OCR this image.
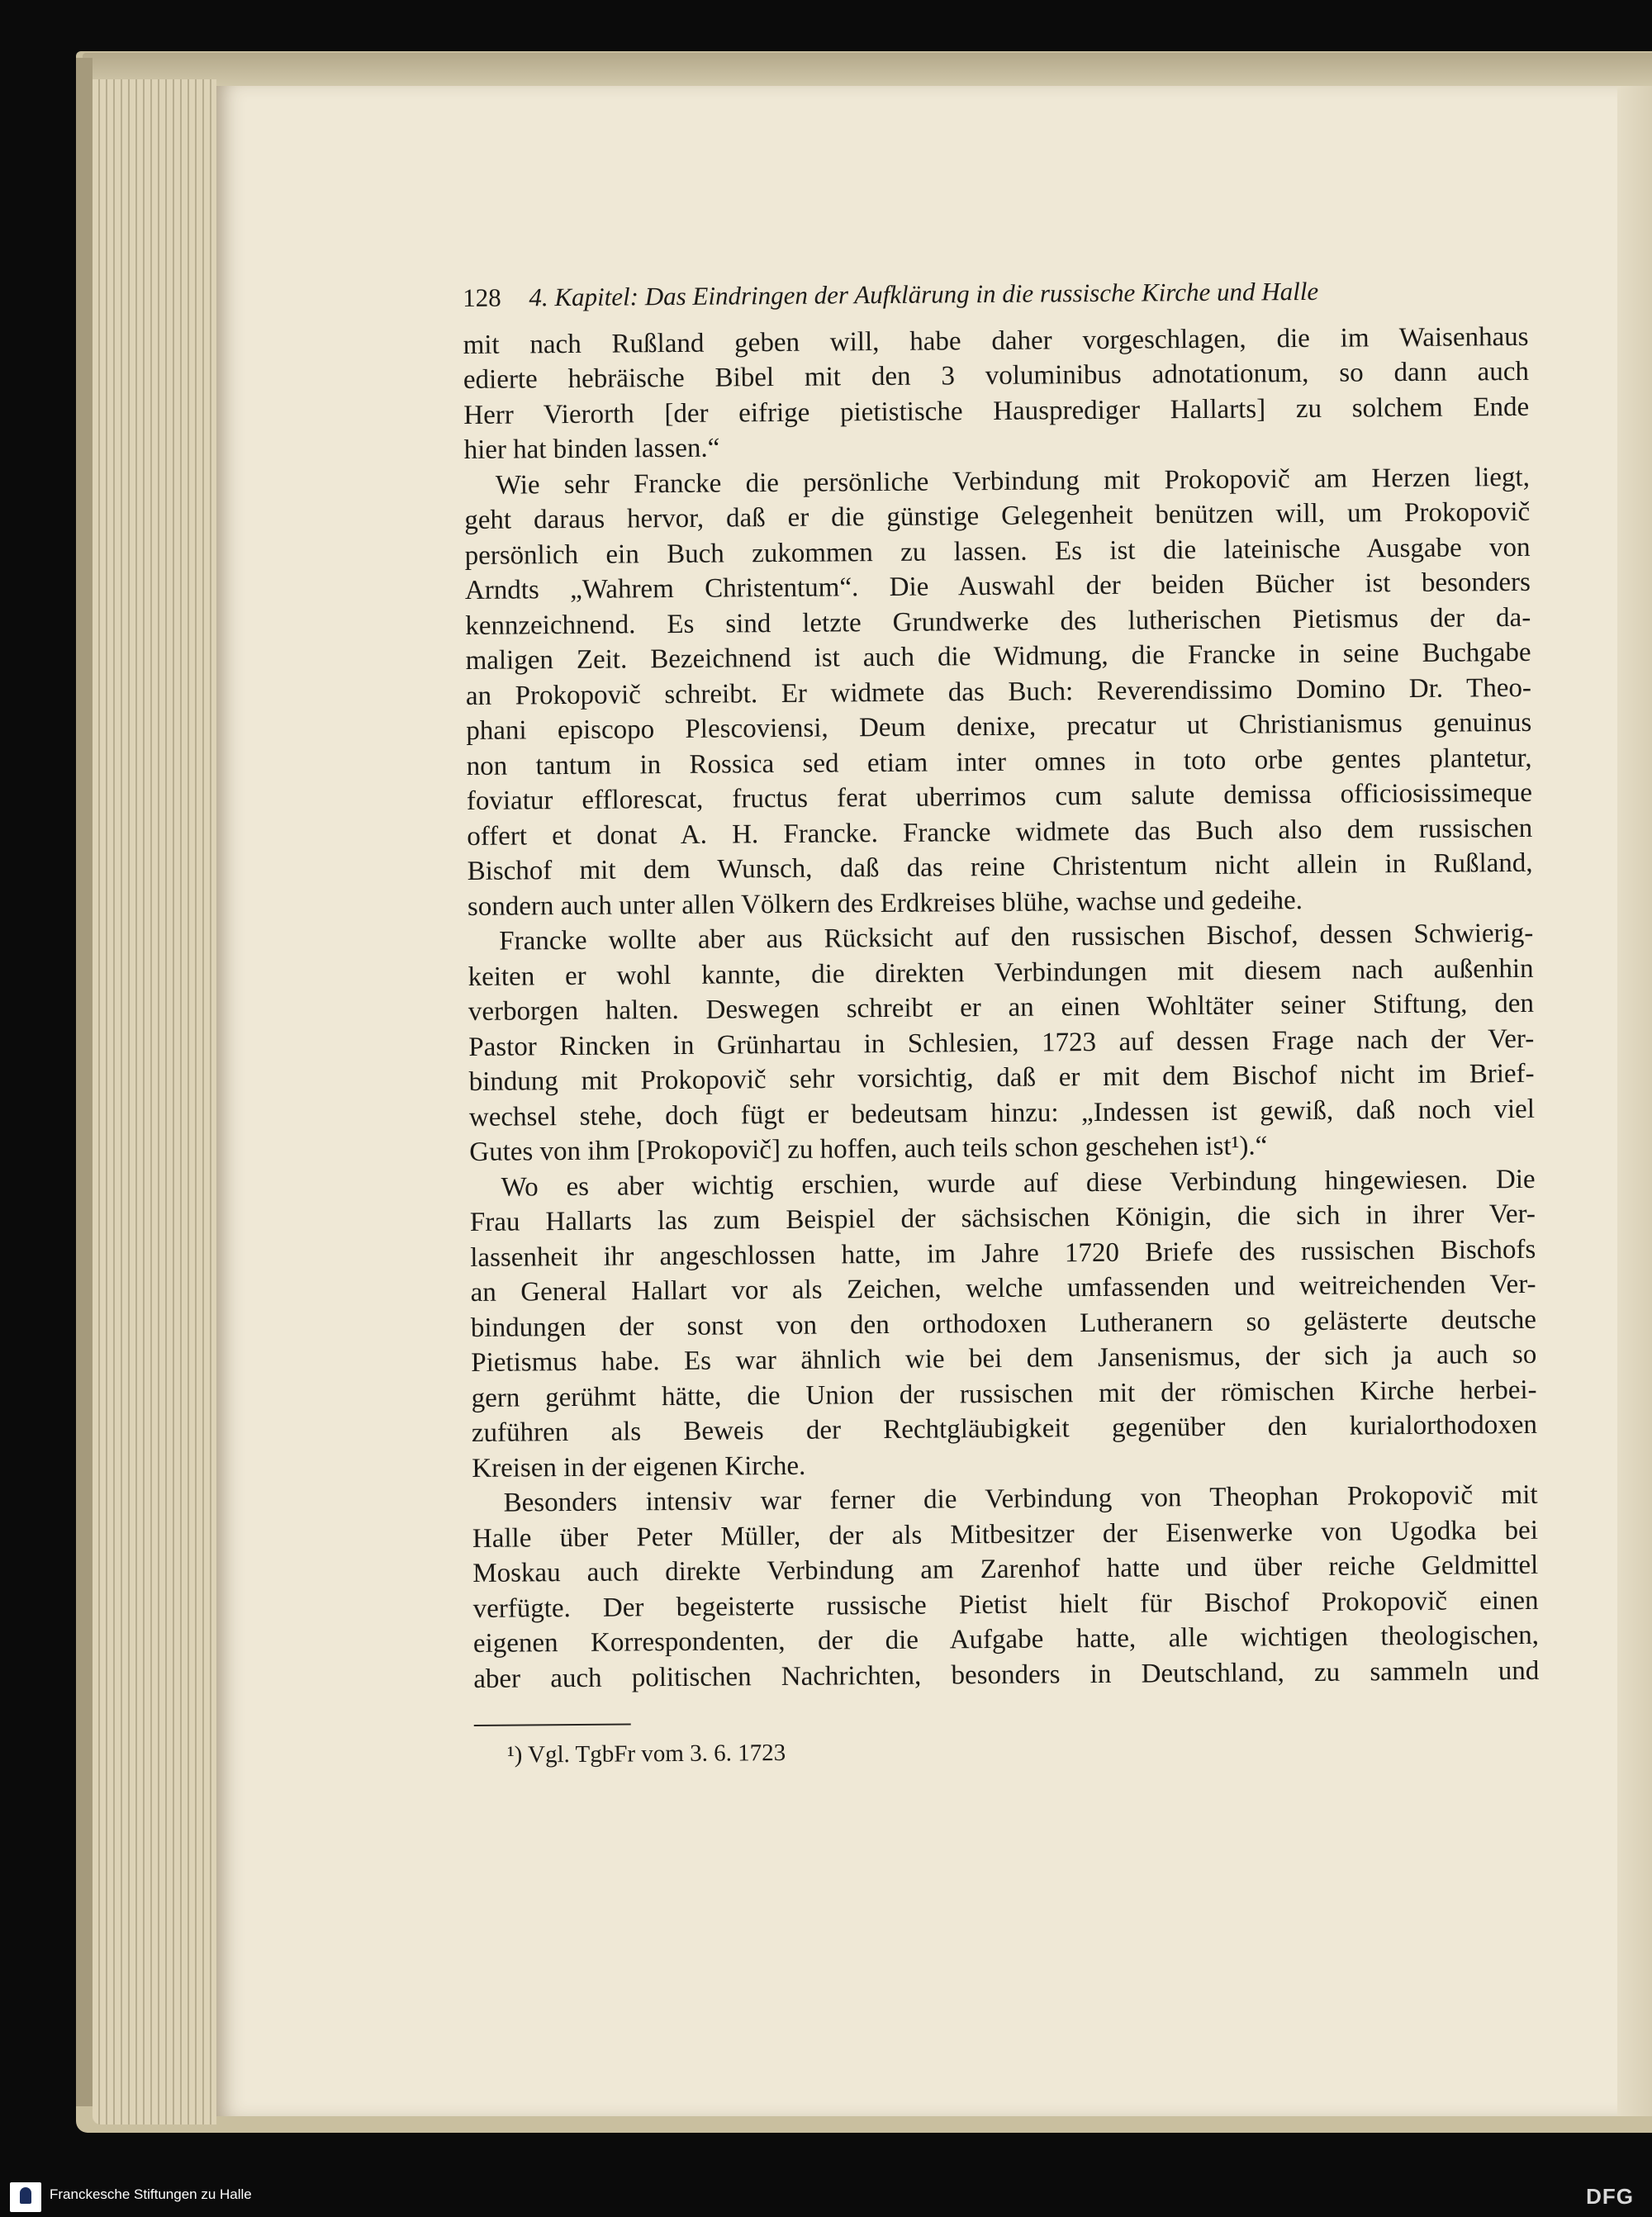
128 4. Kapitel: Das Eindringen der Aufklärung in die russische Kirche und Halle
mit nach Rußland geben will, habe daher vorgeschlagen, die im Waisenhaus
edierte hebräische Bibel mit den 3 voluminibus adnotationum, so dann auch
Herr Vierorth [der eifrige pietistische Hausprediger Hallarts] zu solchem Ende
hier hat binden lassen.“
Wie sehr Francke die persönliche Verbindung mit Prokopovič am Herzen liegt,
geht daraus hervor, daß er die günstige Gelegenheit benützen will, um Prokopovič
persönlich ein Buch zukommen zu lassen. Es ist die lateinische Ausgabe von
Arndts „Wahrem Christentum“. Die Auswahl der beiden Bücher ist besonders
kennzeichnend. Es sind letzte Grundwerke des lutherischen Pietismus der da-
maligen Zeit. Bezeichnend ist auch die Widmung, die Francke in seine Buchgabe
an Prokopovič schreibt. Er widmete das Buch: Reverendissimo Domino Dr. Theo-
phani episcopo Plescoviensi, Deum denixe, precatur ut Christianismus genuinus
non tantum in Rossica sed etiam inter omnes in toto orbe gentes plantetur,
foviatur efflorescat, fructus ferat uberrimos cum salute demissa officiosissimeque
offert et donat A. H. Francke. Francke widmete das Buch also dem russischen
Bischof mit dem Wunsch, daß das reine Christentum nicht allein in Rußland,
sondern auch unter allen Völkern des Erdkreises blühe, wachse und gedeihe.
Francke wollte aber aus Rücksicht auf den russischen Bischof, dessen Schwierig-
keiten er wohl kannte, die direkten Verbindungen mit diesem nach außenhin
verborgen halten. Deswegen schreibt er an einen Wohltäter seiner Stiftung, den
Pastor Rincken in Grünhartau in Schlesien, 1723 auf dessen Frage nach der Ver-
bindung mit Prokopovič sehr vorsichtig, daß er mit dem Bischof nicht im Brief-
wechsel stehe, doch fügt er bedeutsam hinzu: „Indessen ist gewiß, daß noch viel
Gutes von ihm [Prokopovič] zu hoffen, auch teils schon geschehen ist¹).“
Wo es aber wichtig erschien, wurde auf diese Verbindung hingewiesen. Die
Frau Hallarts las zum Beispiel der sächsischen Königin, die sich in ihrer Ver-
lassenheit ihr angeschlossen hatte, im Jahre 1720 Briefe des russischen Bischofs
an General Hallart vor als Zeichen, welche umfassenden und weitreichenden Ver-
bindungen der sonst von den orthodoxen Lutheranern so gelästerte deutsche
Pietismus habe. Es war ähnlich wie bei dem Jansenismus, der sich ja auch so
gern gerühmt hätte, die Union der russischen mit der römischen Kirche herbei-
zuführen als Beweis der Rechtgläubigkeit gegenüber den kurialorthodoxen
Kreisen in der eigenen Kirche.
Besonders intensiv war ferner die Verbindung von Theophan Prokopovič mit
Halle über Peter Müller, der als Mitbesitzer der Eisenwerke von Ugodka bei
Moskau auch direkte Verbindung am Zarenhof hatte und über reiche Geldmittel
verfügte. Der begeisterte russische Pietist hielt für Bischof Prokopovič einen
eigenen Korrespondenten, der die Aufgabe hatte, alle wichtigen theologischen,
aber auch politischen Nachrichten, besonders in Deutschland, zu sammeln und
¹) Vgl. TgbFr vom 3. 6. 1723
Franckesche Stiftungen zu Halle	DFG
